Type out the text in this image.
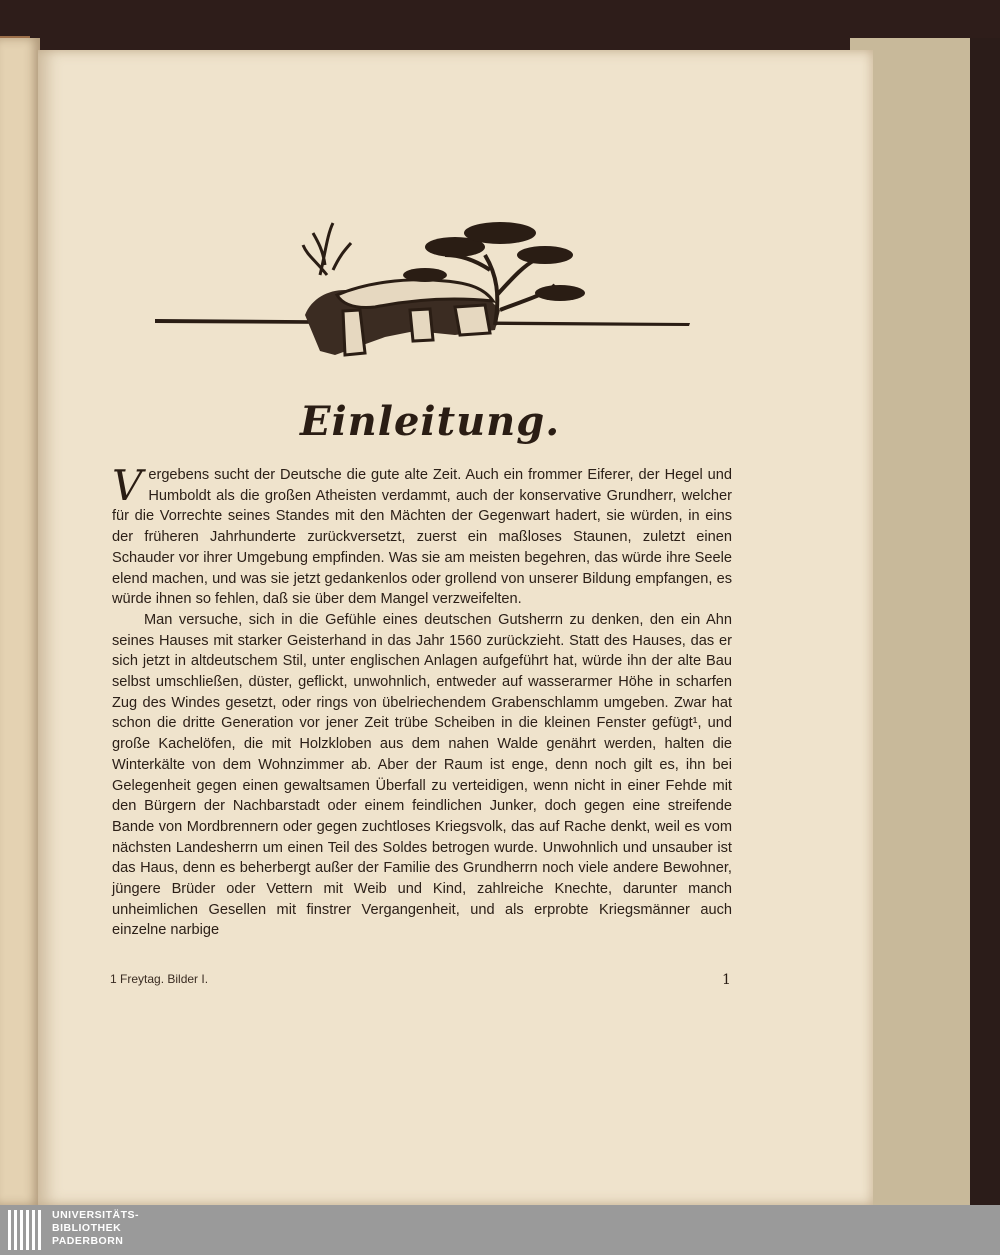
Einleitung.

Vergebens sucht der Deutsche die gute alte Zeit. Auch ein frommer Eiferer, der Hegel und Humboldt als die großen Atheisten verdammt, auch der konservative Grundherr, welcher für die Vorrechte seines Standes mit den Mächten der Gegenwart hadert, sie würden, in eins der früheren Jahrhunderte zurückversetzt, zuerst ein maßloses Staunen, zuletzt einen Schauder vor ihrer Umgebung empfinden. Was sie am meisten begehren, das würde ihre Seele elend machen, und was sie jetzt gedankenlos oder grollend von unserer Bildung empfangen, es würde ihnen so fehlen, daß sie über dem Mangel verzweifelten.

Man versuche, sich in die Gefühle eines deutschen Gutsherrn zu denken, den ein Ahn seines Hauses mit starker Geisterhand in das Jahr 1560 zurückzieht. Statt des Hauses, das er sich jetzt in altdeutschem Stil, unter englischen Anlagen aufgeführt hat, würde ihn der alte Bau selbst umschließen, düster, geflickt, unwohnlich, entweder auf wasserarmer Höhe in scharfen Zug des Windes gesetzt, oder rings von übelriechendem Grabenschlamm umgeben. Zwar hat schon die dritte Generation vor jener Zeit trübe Scheiben in die kleinen Fenster gefügt¹, und große Kachelöfen, die mit Holzkloben aus dem nahen Walde genährt werden, halten die Winterkälte von dem Wohnzimmer ab. Aber der Raum ist enge, denn noch gilt es, ihn bei Gelegenheit gegen einen gewaltsamen Überfall zu verteidigen, wenn nicht in einer Fehde mit den Bürgern der Nachbarstadt oder einem feindlichen Junker, doch gegen eine streifende Bande von Mordbrennern oder gegen zuchtloses Kriegsvolk, das auf Rache denkt, weil es vom nächsten Landesherrn um einen Teil des Soldes betrogen wurde. Unwohnlich und unsauber ist das Haus, denn es beherbergt außer der Familie des Grundherrn noch viele andere Bewohner, jüngere Brüder oder Vettern mit Weib und Kind, zahlreiche Knechte, darunter manch unheimlichen Gesellen mit finstrer Vergangenheit, und als erprobte Kriegsmänner auch einzelne narbige

1 Freytag. Bilder I.	1
UNIVERSITÄTS-
BIBLIOTHEK
PADERBORN
